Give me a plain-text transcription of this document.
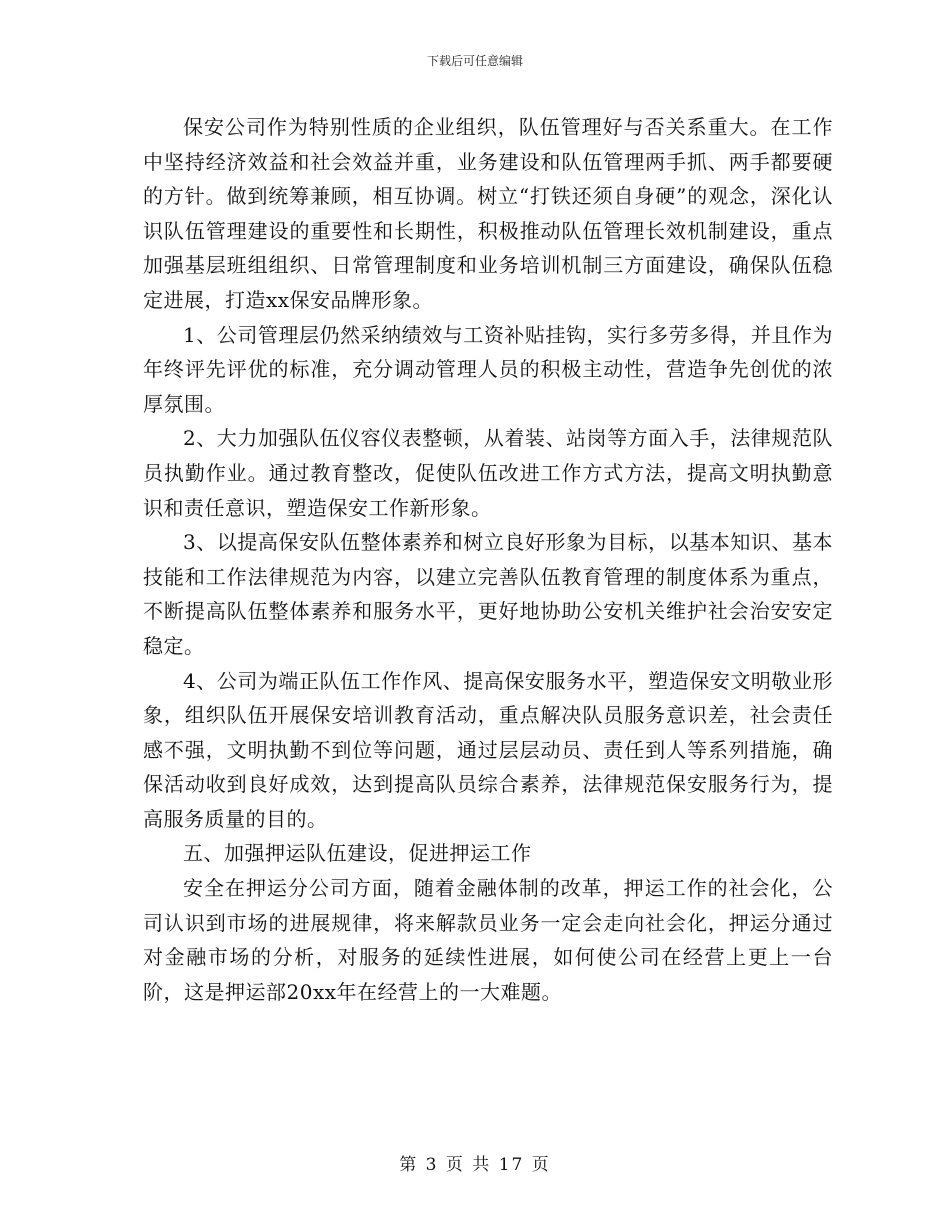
下载后可任意编辑

保安公司作为特别性质的企业组织，队伍管理好与否关系重大。在工作中坚持经济效益和社会效益并重，业务建设和队伍管理两手抓、两手都要硬的方针。做到统筹兼顾，相互协调。树立“打铁还须自身硬”的观念，深化认识队伍管理建设的重要性和长期性，积极推动队伍管理长效机制建设，重点加强基层班组组织、日常管理制度和业务培训机制三方面建设，确保队伍稳定进展，打造xx保安品牌形象。

1、公司管理层仍然采纳绩效与工资补贴挂钩，实行多劳多得，并且作为年终评先评优的标准，充分调动管理人员的积极主动性，营造争先创优的浓厚氛围。

2、大力加强队伍仪容仪表整顿，从着装、站岗等方面入手，法律规范队员执勤作业。通过教育整改，促使队伍改进工作方式方法，提高文明执勤意识和责任意识，塑造保安工作新形象。

3、以提高保安队伍整体素养和树立良好形象为目标，以基本知识、基本技能和工作法律规范为内容，以建立完善队伍教育管理的制度体系为重点，不断提高队伍整体素养和服务水平，更好地协助公安机关维护社会治安安定稳定。

4、公司为端正队伍工作作风、提高保安服务水平，塑造保安文明敬业形象，组织队伍开展保安培训教育活动，重点解决队员服务意识差，社会责任感不强，文明执勤不到位等问题，通过层层动员、责任到人等系列措施，确保活动收到良好成效，达到提高队员综合素养，法律规范保安服务行为，提高服务质量的目的。

五、加强押运队伍建设，促进押运工作

安全在押运分公司方面，随着金融体制的改革，押运工作的社会化，公司认识到市场的进展规律，将来解款员业务一定会走向社会化，押运分通过对金融市场的分析，对服务的延续性进展，如何使公司在经营上更上一台阶，这是押运部20xx年在经营上的一大难题。

第 3 页 共 17 页
